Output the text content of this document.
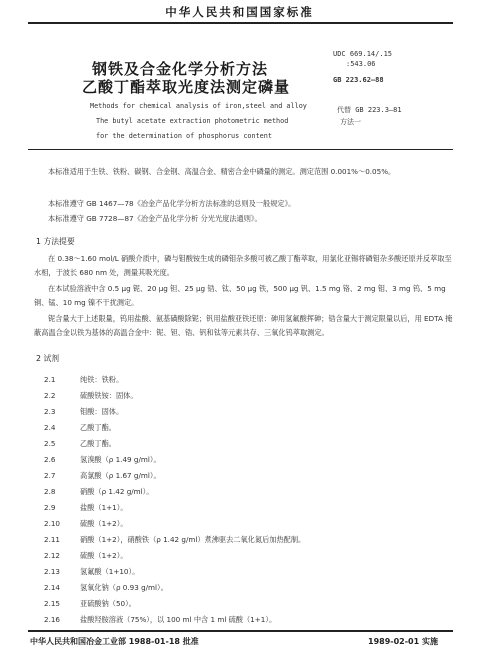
中华人民共和国国家标准
UDC 669.14/.15
:543.06
GB 223.62—88
代替 GB 223.3—81
方法一
钢铁及合金化学分析方法
乙酸丁酯萃取光度法测定磷量
Methods for chemical analysis of iron,steel and alloy
The butyl acetate extraction photometric method
for the determination of phosphorus content
本标准适用于生铁、铁粉、碳钢、合金钢、高温合金、精密合金中磷量的测定。测定范围 0.001%～0.05%。
本标准遵守 GB 1467—78《冶金产品化学分析方法标准的总则及一般规定》。
本标准遵守 GB 7728—87《冶金产品化学分析 分光光度法通则》。
1 方法提要
在 0.38～1.60 mol/L 硝酸介质中，磷与钼酸铵生成的磷钼杂多酸可被乙酸丁酯萃取，用氯化亚锡将磷钼杂多酸还原并反萃取至水相，于波长 680 nm 处，测量其吸光度。
在本试验溶液中含 0.5 μg 铌、20 μg 钽、25 μg 锆、钛、50 μg 铁，500 μg 钒、1.5 mg 铬、2 mg 钼、3 mg 钨、5 mg 铜、锰、10 mg 镍不干扰测定。
铌含量大于上述限量，钨用盐酸、氨基磺酸除铌；钒用盐酸亚铁还原：砷用氢氟酸挥砷；锆含量大于测定限量以后，用 EDTA 掩蔽高温合金以铁为基体的高温合金中：铌、钽、锆、钒和钛等元素共存、三氧化钨萃取测定。
2 试剂
2.1	纯铁：铁粉。
2.2	硫酸铁铵：固体。
2.3	钼酸：固体。
2.4	乙酸丁酯。
2.5	乙酸丁酯。
2.6	氢溴酸（ρ 1.49 g/ml）。
2.7	高氯酸（ρ 1.67 g/ml）。
2.8	硝酸（ρ 1.42 g/ml）。
2.9	盐酸（1+1）。
2.10	硫酸（1+2）。
2.11	硝酸（1+2），硝酸铁（ρ 1.42 g/ml）煮沸驱去二氧化氮后加热配制。
2.12	硫酸（1+2）。
2.13	氢氟酸（1+10）。
2.14	氢氧化钠（ρ 0.93 g/ml）。
2.15	亚硫酸钠（50）。
2.16	盐酸羟胺溶液（75%），以 100 ml 中含 1 ml 硫酸（1+1）。
中华人民共和国冶金工业部 1988-01-18 批准	1989-02-01 实施
